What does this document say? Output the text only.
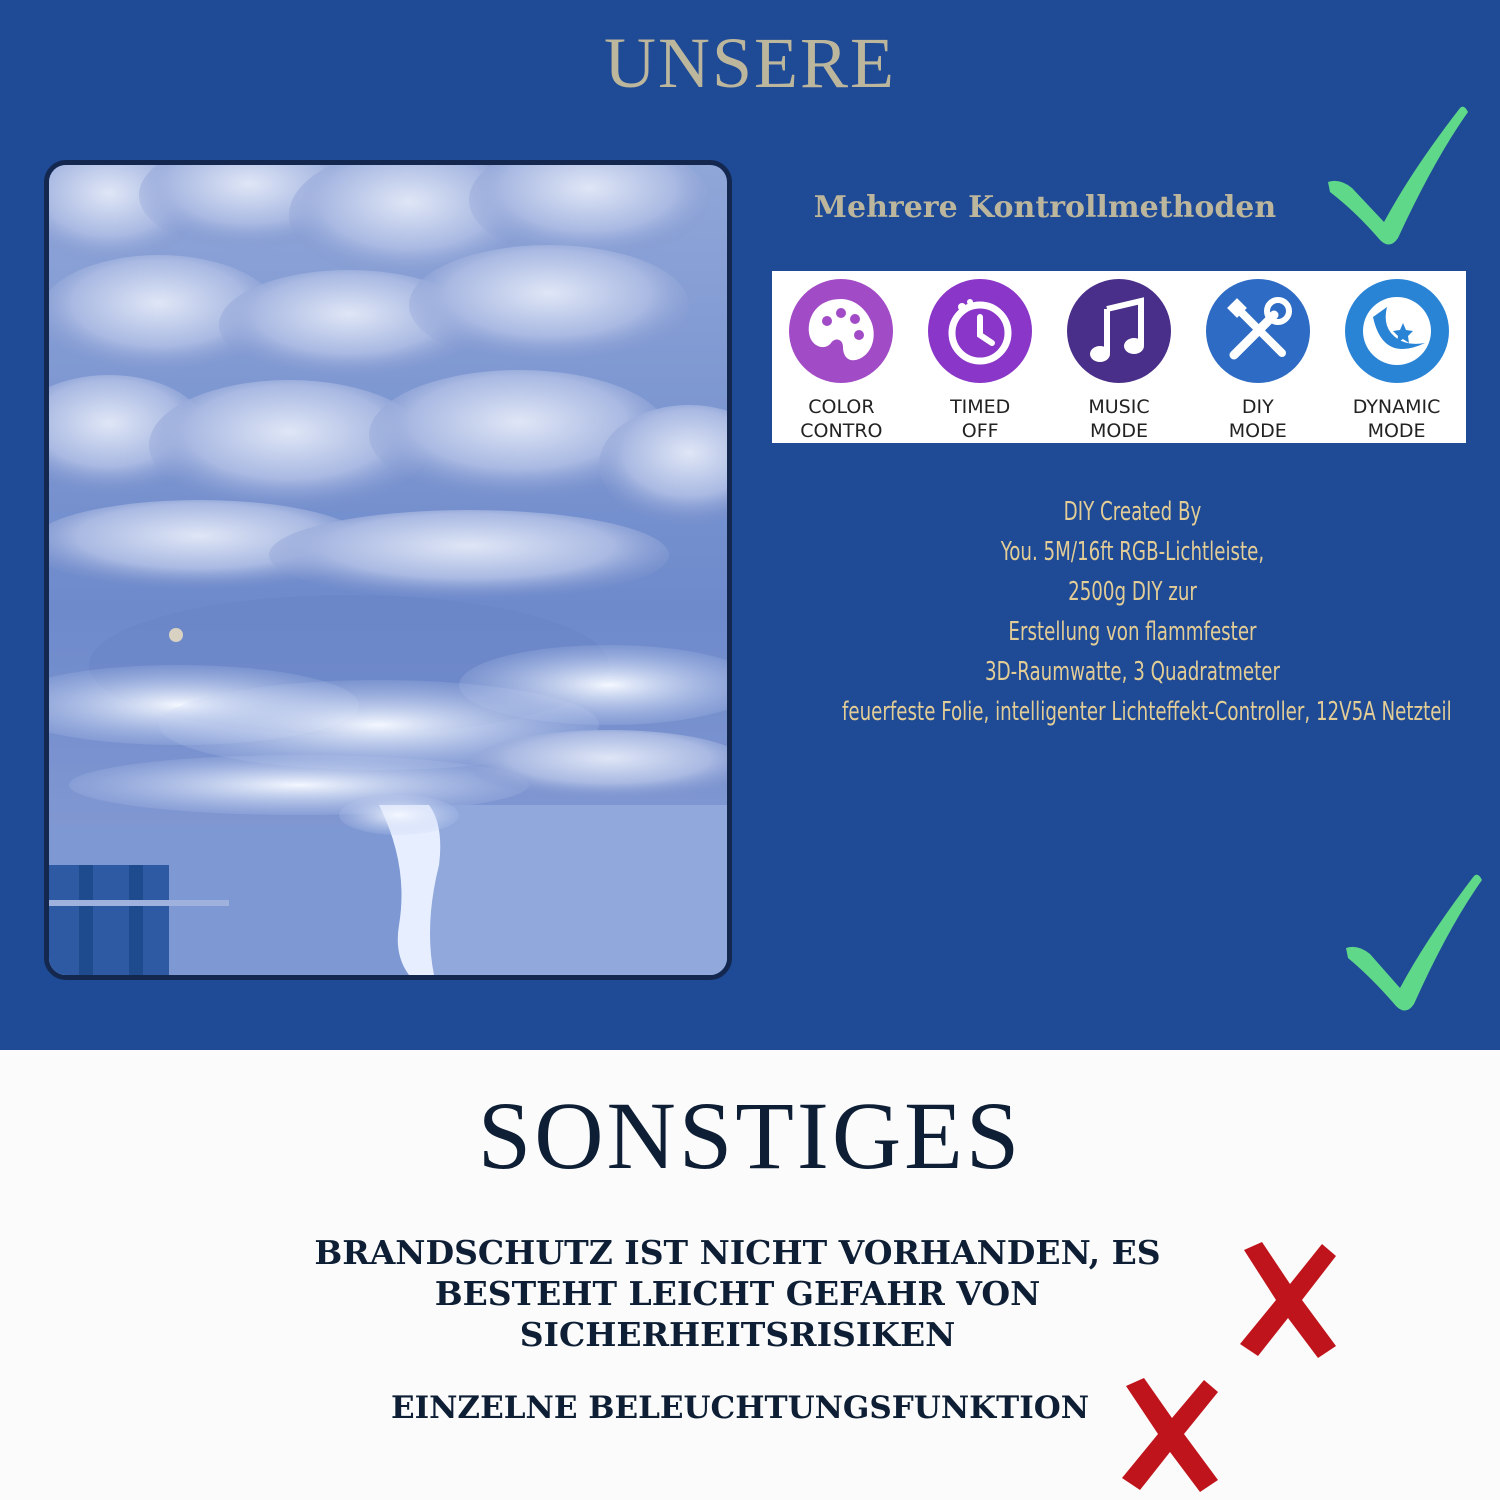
UNSERE
Mehrere Kontrollmethoden
COLOR
CONTRO
TIMED
OFF
MUSIC
MODE
DIY
MODE
DYNAMIC
MODE
DIY Created By
You. 5M/16ft RGB-Lichtleiste,
2500g DIY zur
Erstellung von flammfester
3D-Raumwatte, 3 Quadratmeter
feuerfeste Folie, intelligenter Lichteffekt-Controller, 12V5A Netzteil
SONSTIGES
BRANDSCHUTZ IST NICHT VORHANDEN, ES
BESTEHT LEICHT GEFAHR VON
SICHERHEITSRISIKEN
EINZELNE BELEUCHTUNGSFUNKTION
